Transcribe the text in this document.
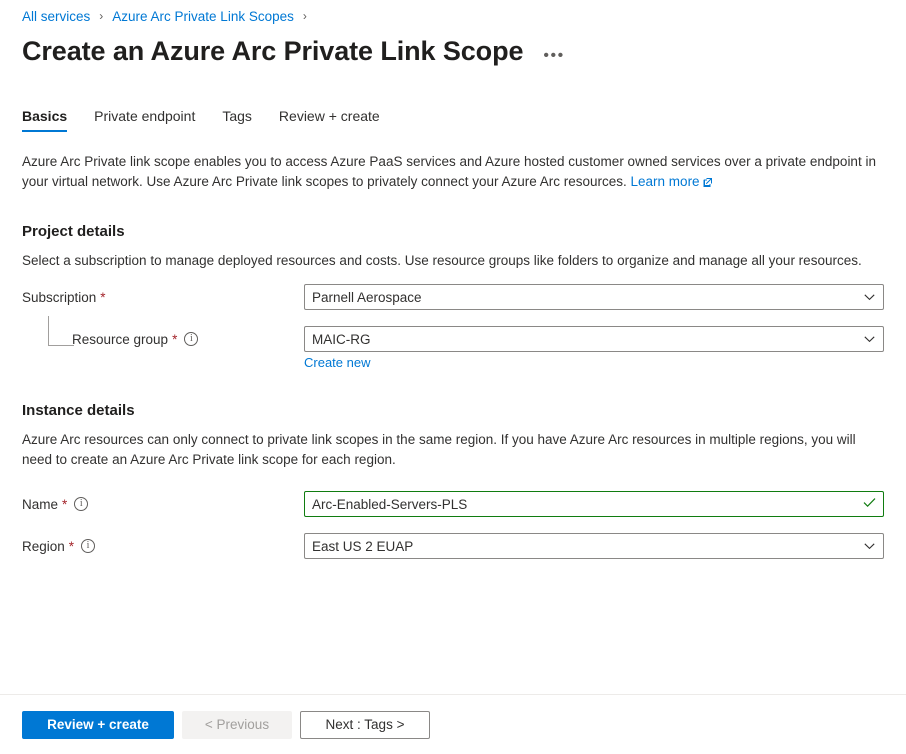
All services › Azure Arc Private Link Scopes ›
Create an Azure Arc Private Link Scope •••
Basics Private endpoint Tags Review + create
Azure Arc Private link scope enables you to access Azure PaaS services and Azure hosted customer owned services over a private endpoint in your virtual network. Use Azure Arc Private link scopes to privately connect your Azure Arc resources. Learn more
Project details
Select a subscription to manage deployed resources and costs. Use resource groups like folders to organize and manage all your resources.
Subscription *
Parnell Aerospace
Resource group *	i
MAIC-RG
Create new
Instance details
Azure Arc resources can only connect to private link scopes in the same region. If you have Azure Arc resources in multiple regions, you will need to create an Azure Arc Private link scope for each region.
Name *	i
Arc-Enabled-Servers-PLS
Region *	i
East US 2 EUAP
Review + create	< Previous	Next : Tags >
